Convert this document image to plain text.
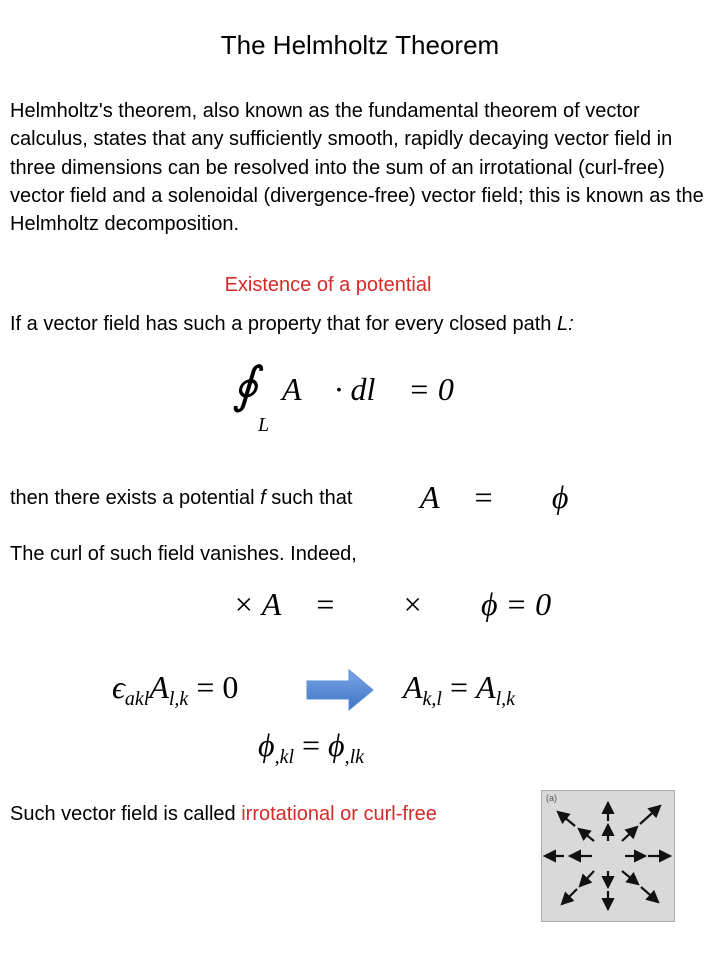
The Helmholtz Theorem
Helmholtz's theorem, also known as the fundamental theorem of vector calculus, states that any sufficiently smooth, rapidly decaying vector field in three dimensions can be resolved into the sum of an irrotational (curl-free) vector field and a solenoidal (divergence-free) vector field; this is known as the Helmholtz decomposition.
Existence of a potential
If a vector field has such a property that for every closed path L:
∮
L
A⃗ · dl⃗ = 0
then there exists a potential f such that A⃗ = ∇⃗ϕ
The curl of such field vanishes. Indeed,
∇⃗ × A⃗ = ∇⃗ × ∇⃗ϕ = 0
$\epsilon_{akl}A_{l,k} = 0$	$A_{k,l} = A_{l,k}$
$\phi_{,kl} = \phi_{,lk}$
Such vector field is called irrotational or curl-free
(a)
